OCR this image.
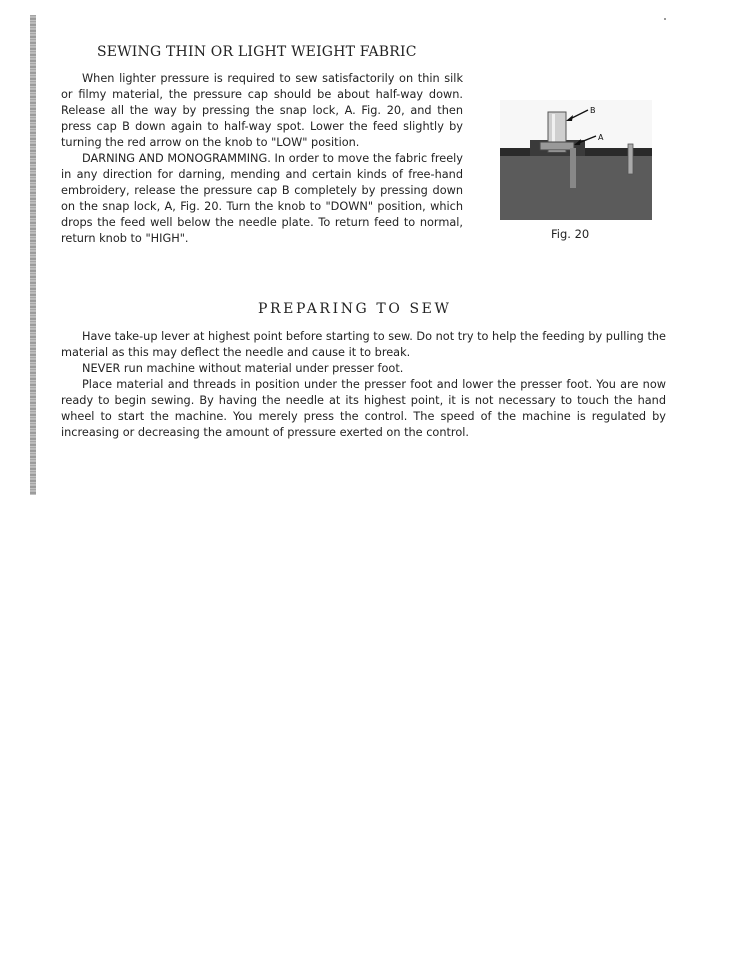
SEWING THIN OR LIGHT WEIGHT FABRIC

When lighter pressure is required to sew satisfactorily on thin silk or filmy material, the pressure cap should be about half-way down. Release all the way by pressing the snap lock, A. Fig. 20, and then press cap B down again to half-way spot. Lower the feed slightly by turning the red arrow on the knob to "LOW" position.

DARNING AND MONOGRAMMING. In order to move the fabric freely in any direction for darning, mending and certain kinds of free-hand embroidery, release the pressure cap B completely by pressing down on the snap lock, A, Fig. 20. Turn the knob to "DOWN" position, which drops the feed well below the needle plate. To return feed to normal, return knob to "HIGH".

B
A
Fig. 20
PREPARING TO SEW

Have take-up lever at highest point before starting to sew. Do not try to help the feeding by pulling the material as this may deflect the needle and cause it to break.

NEVER run machine without material under presser foot.

Place material and threads in position under the presser foot and lower the presser foot. You are now ready to begin sewing. By having the needle at its highest point, it is not necessary to touch the hand wheel to start the machine. You merely press the control. The speed of the machine is regulated by increasing or decreasing the amount of pressure exerted on the control.
